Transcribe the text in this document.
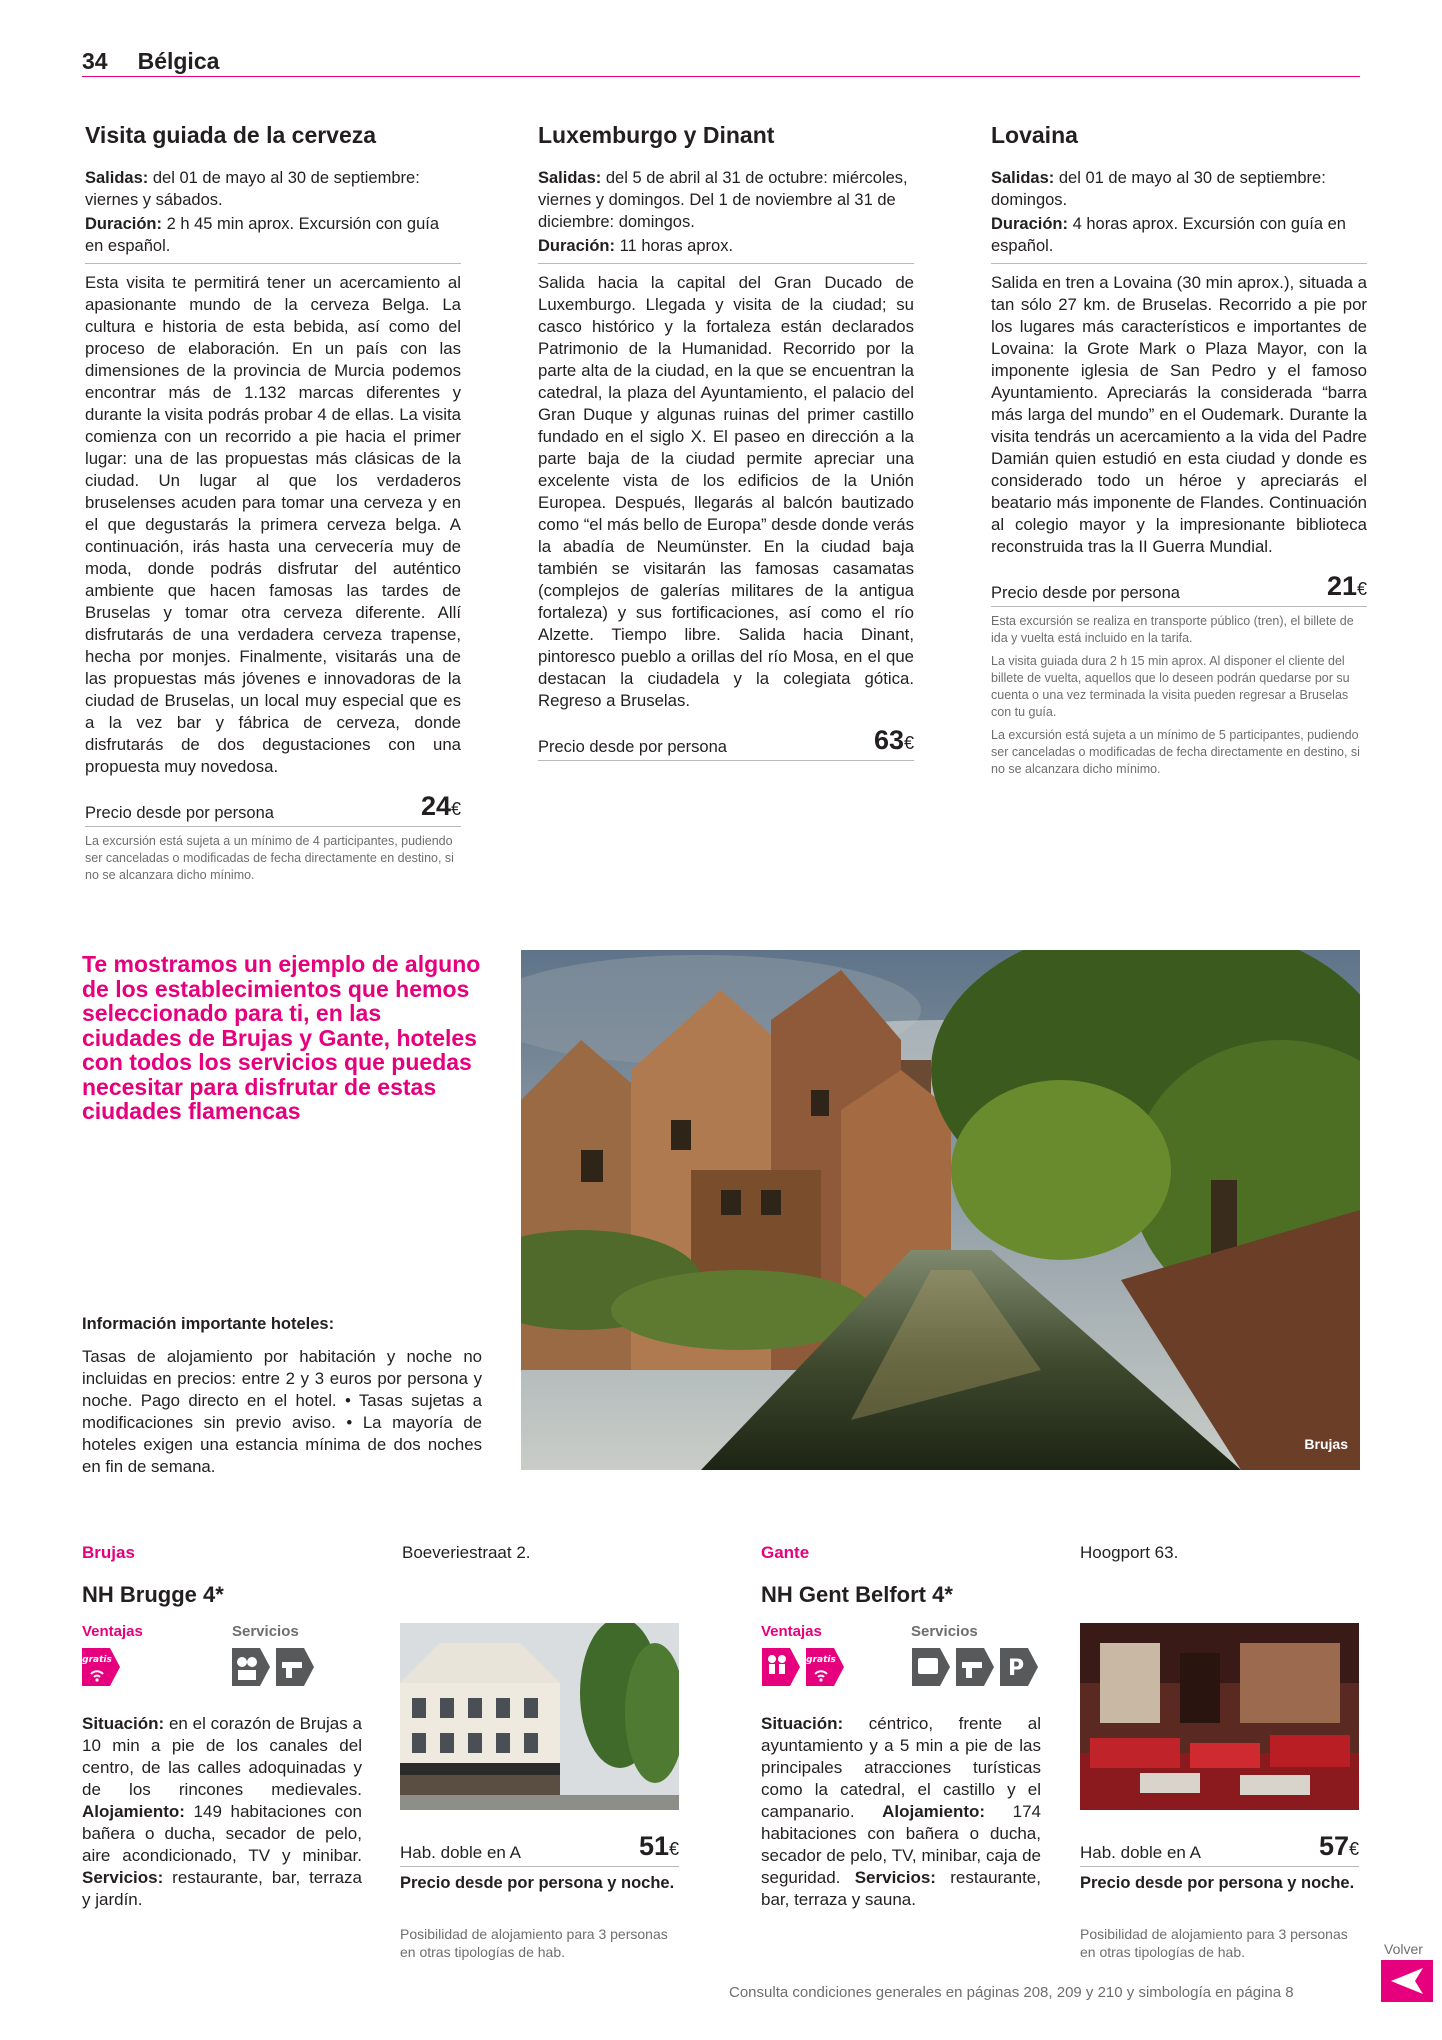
34 Bélgica
Visita guiada de la cerveza

Salidas: del 01 de mayo al 30 de septiembre: viernes y sábados.

Duración: 2 h 45 min aprox. Excursión con guía en español.

Esta visita te permitirá tener un acercamiento al apasionante mundo de la cerveza Belga. La cultura e historia de esta bebida, así como del proceso de elaboración. En un país con las dimensiones de la provincia de Murcia podemos encontrar más de 1.132 marcas diferentes y durante la visita podrás probar 4 de ellas. La visita comienza con un recorrido a pie hacia el primer lugar: una de las propuestas más clásicas de la ciudad. Un lugar al que los verdaderos bruselenses acuden para tomar una cerveza y en el que degustarás la primera cerveza belga. A continuación, irás hasta una cervecería muy de moda, donde podrás disfrutar del auténtico ambiente que hacen famosas las tardes de Bruselas y tomar otra cerveza diferente. Allí disfrutarás de una verdadera cerveza trapense, hecha por monjes. Finalmente, visitarás una de las propuestas más jóvenes e innovadoras de la ciudad de Bruselas, un local muy especial que es a la vez bar y fábrica de cerveza, donde disfrutarás de dos degustaciones con una propuesta muy novedosa.

Precio desde por persona	24€

La excursión está sujeta a un mínimo de 4 participantes, pudiendo ser canceladas o modificadas de fecha directamente en destino, si no se alcanzara dicho mínimo.

Luxemburgo y Dinant

Salidas: del 5 de abril al 31 de octubre: miércoles, viernes y domingos. Del 1 de noviembre al 31 de diciembre: domingos.

Duración: 11 horas aprox.

Salida hacia la capital del Gran Ducado de Luxemburgo. Llegada y visita de la ciudad; su casco histórico y la fortaleza están declarados Patrimonio de la Humanidad. Recorrido por la parte alta de la ciudad, en la que se encuentran la catedral, la plaza del Ayuntamiento, el palacio del Gran Duque y algunas ruinas del primer castillo fundado en el siglo X. El paseo en dirección a la parte baja de la ciudad permite apreciar una excelente vista de los edificios de la Unión Europea. Después, llegarás al balcón bautizado como “el más bello de Europa” desde donde verás la abadía de Neumünster. En la ciudad baja también se visitarán las famosas casamatas (complejos de galerías militares de la antigua fortaleza) y sus fortificaciones, así como el río Alzette. Tiempo libre. Salida hacia Dinant, pintoresco pueblo a orillas del río Mosa, en el que destacan la ciudadela y la colegiata gótica. Regreso a Bruselas.

Precio desde por persona	63€
Lovaina

Salidas: del 01 de mayo al 30 de septiembre: domingos.

Duración: 4 horas aprox. Excursión con guía en español.

Salida en tren a Lovaina (30 min aprox.), situada a tan sólo 27 km. de Bruselas. Recorrido a pie por los lugares más característicos e importantes de Lovaina: la Grote Mark o Plaza Mayor, con la imponente iglesia de San Pedro y el famoso Ayuntamiento. Apreciarás la considerada “barra más larga del mundo” en el Oudemark. Durante la visita tendrás un acercamiento a la vida del Padre Damián quien estudió en esta ciudad y donde es considerado todo un héroe y apreciarás el beatario más imponente de Flandes. Continuación al colegio mayor y la impresionante biblioteca reconstruida tras la II Guerra Mundial.

Precio desde por persona	21€

Esta excursión se realiza en transporte público (tren), el billete de ida y vuelta está incluido en la tarifa.

La visita guiada dura 2 h 15 min aprox. Al disponer el cliente del billete de vuelta, aquellos que lo deseen podrán quedarse por su cuenta o una vez terminada la visita pueden regresar a Bruselas con tu guía.

La excursión está sujeta a un mínimo de 5 participantes, pudiendo ser canceladas o modificadas de fecha directamente en destino, si no se alcanzara dicho mínimo.

Te mostramos un ejemplo de alguno de los establecimientos que hemos seleccionado para ti, en las ciudades de Brujas y Gante, hoteles con todos los servicios que puedas necesitar para disfrutar de estas ciudades flamencas

Información importante hoteles:

Tasas de alojamiento por habitación y noche no incluidas en precios: entre 2 y 3 euros por persona y noche. Pago directo en el hotel. • Tasas sujetas a modificaciones sin previo aviso. • La mayoría de hoteles exigen una estancia mínima de dos noches en fin de semana.

Brujas
Brujas	Boeveriestraat 2.
NH Brugge 4*
Ventajas	Servicios
gratis
Situación: en el corazón de Brujas a 10 min a pie de los canales del centro, de las calles adoquinadas y de los rincones medievales. Alojamiento: 149 habitaciones con bañera o ducha, secador de pelo, aire acondicionado, TV y minibar. Servicios: restaurante, bar, terraza y jardín.
Hab. doble en A	51€

Precio desde por persona y noche.

Posibilidad de alojamiento para 3 personas en otras tipologías de hab.

Gante	Hoogport 63.
NH Gent Belfort 4*
Ventajas	Servicios
gratis	P
Situación: céntrico, frente al ayuntamiento y a 5 min a pie de las principales atracciones turísticas como la catedral, el castillo y el campanario. Alojamiento: 174 habitaciones con bañera o ducha, secador de pelo, TV, minibar, caja de seguridad. Servicios: restaurante, bar, terraza y sauna.
Hab. doble en A	57€

Precio desde por persona y noche.

Posibilidad de alojamiento para 3 personas en otras tipologías de hab.

Consulta condiciones generales en páginas 208, 209 y 210 y simbología en página 8

Volver
